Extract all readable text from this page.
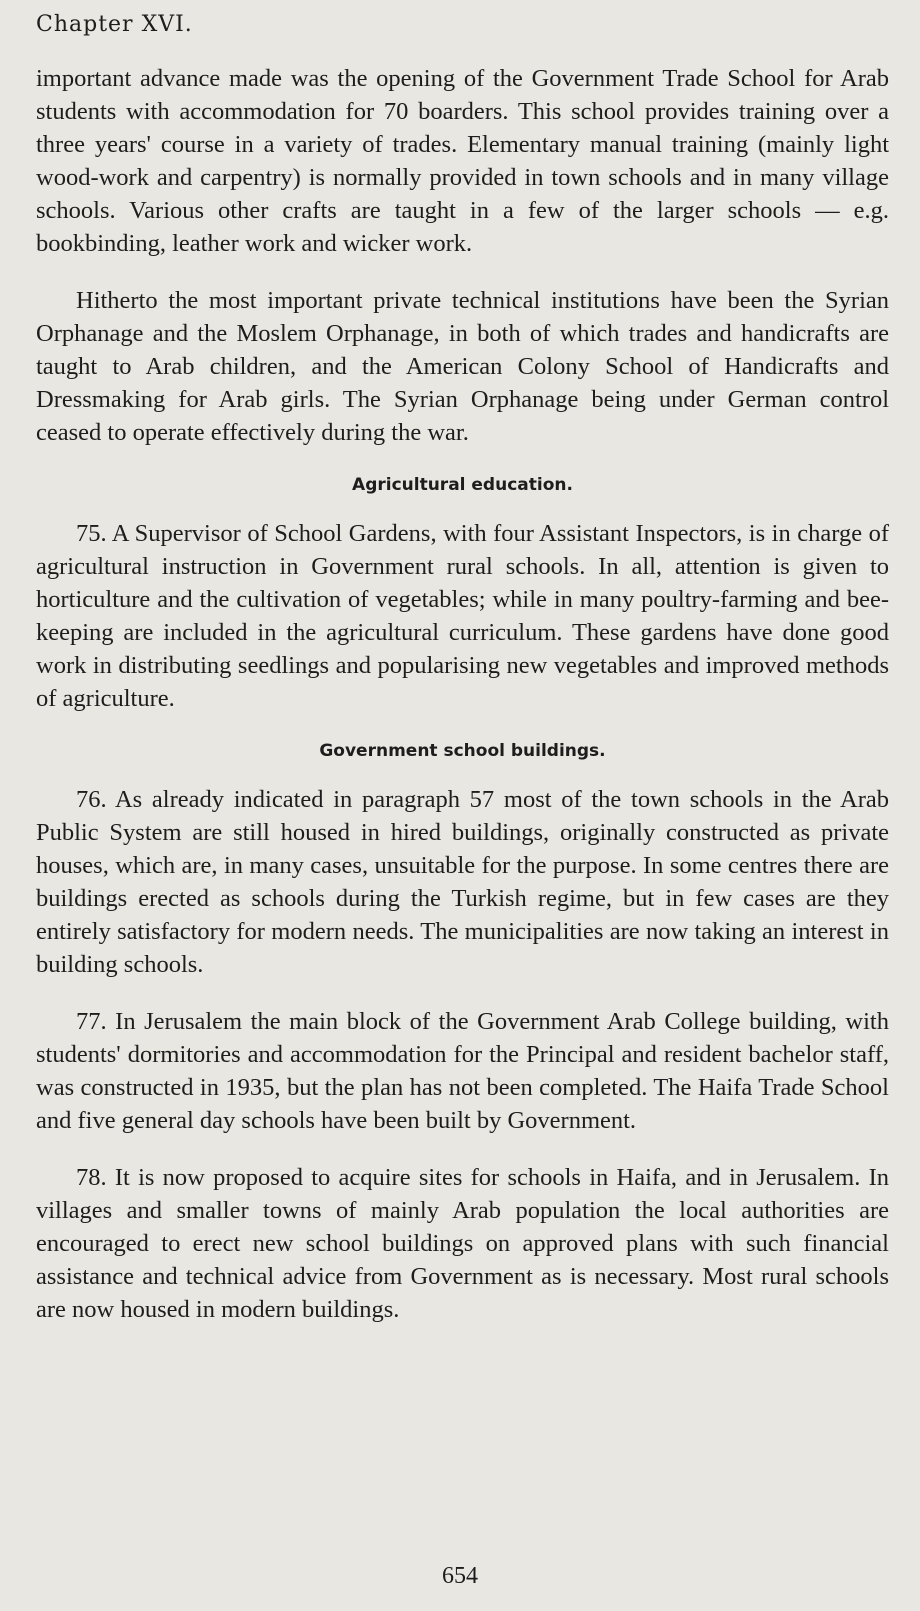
Chapter XVI.

important advance made was the opening of the Government Trade School for Arab students with accommodation for 70 boarders. This school provides training over a three years' course in a variety of trades. Elementary manual training (mainly light wood-work and carpentry) is normally provided in town schools and in many village schools. Various other crafts are taught in a few of the larger schools — e.g. bookbinding, leather work and wicker work.

Hitherto the most important private technical institutions have been the Syrian Orphanage and the Moslem Orphanage, in both of which trades and handicrafts are taught to Arab children, and the American Colony School of Handicrafts and Dressmaking for Arab girls. The Syrian Orphanage being under German control ceased to operate effectively during the war.

Agricultural education.

75. A Supervisor of School Gardens, with four Assistant Inspectors, is in charge of agricultural instruction in Government rural schools. In all, attention is given to horticulture and the cultivation of vegetables; while in many poultry-farming and bee-keeping are included in the agricultural curriculum. These gardens have done good work in distributing seedlings and popularising new vegetables and improved methods of agriculture.

Government school buildings.

76. As already indicated in paragraph 57 most of the town schools in the Arab Public System are still housed in hired buildings, originally constructed as private houses, which are, in many cases, unsuitable for the purpose. In some centres there are buildings erected as schools during the Turkish regime, but in few cases are they entirely satisfactory for modern needs. The municipalities are now taking an interest in building schools.

77. In Jerusalem the main block of the Government Arab College building, with students' dormitories and accommodation for the Principal and resident bachelor staff, was constructed in 1935, but the plan has not been completed. The Haifa Trade School and five general day schools have been built by Government.

78. It is now proposed to acquire sites for schools in Haifa, and in Jerusalem. In villages and smaller towns of mainly Arab population the local authorities are encouraged to erect new school buildings on approved plans with such financial assistance and technical advice from Government as is necessary. Most rural schools are now housed in modern buildings.

654
